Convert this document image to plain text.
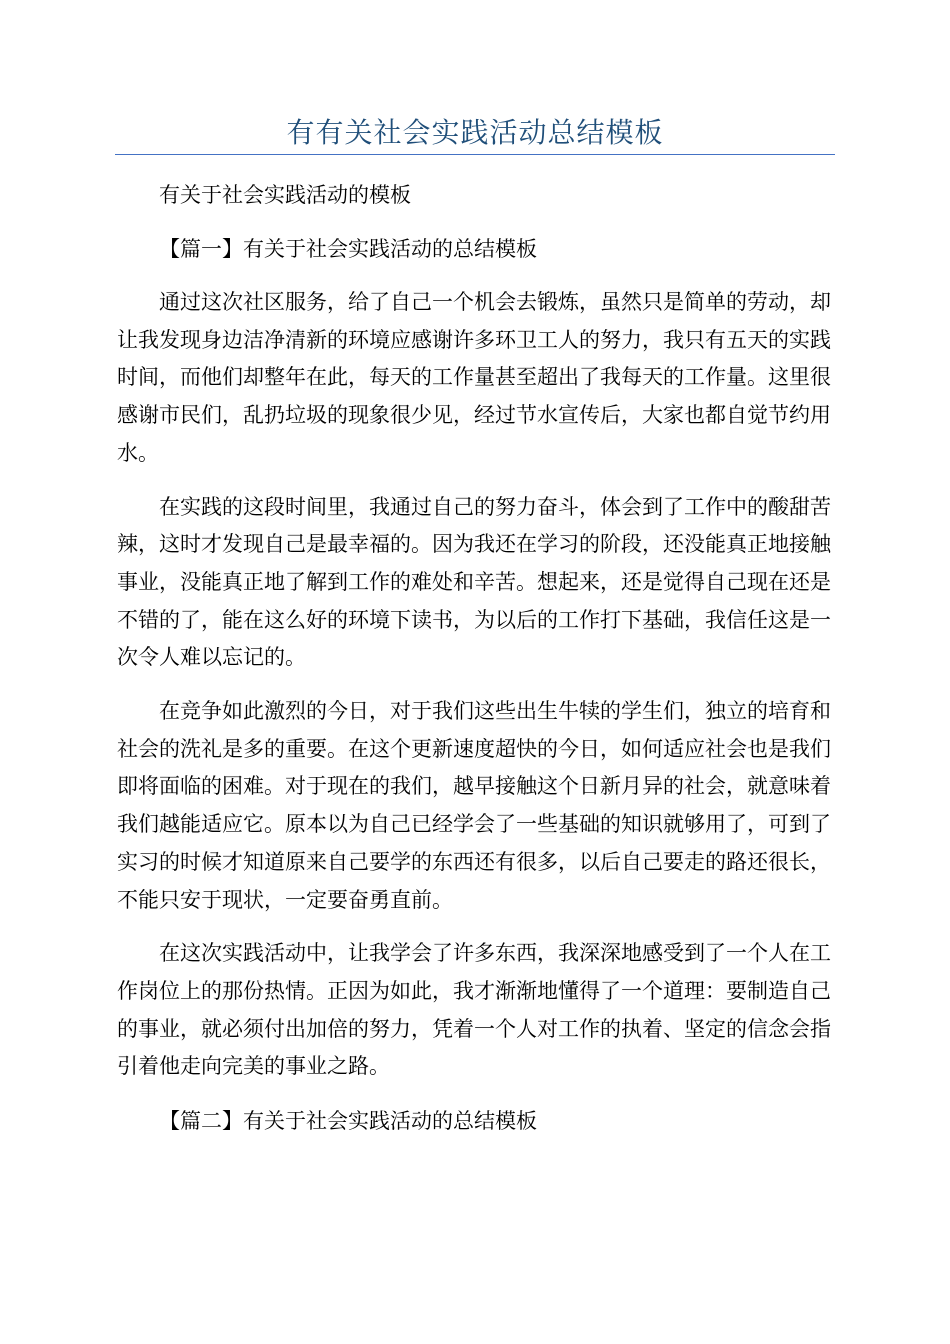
有有关社会实践活动总结模板

有关于社会实践活动的模板

【篇一】有关于社会实践活动的总结模板

通过这次社区服务，给了自己一个机会去锻炼，虽然只是简单的劳动，却让我发现身边洁净清新的环境应感谢许多环卫工人的努力，我只有五天的实践时间，而他们却整年在此，每天的工作量甚至超出了我每天的工作量。这里很感谢市民们，乱扔垃圾的现象很少见，经过节水宣传后，大家也都自觉节约用水。

在实践的这段时间里，我通过自己的努力奋斗，体会到了工作中的酸甜苦辣，这时才发现自己是最幸福的。因为我还在学习的阶段，还没能真正地接触事业，没能真正地了解到工作的难处和辛苦。想起来，还是觉得自己现在还是不错的了，能在这么好的环境下读书，为以后的工作打下基础，我信任这是一次令人难以忘记的。

在竞争如此激烈的今日，对于我们这些出生牛犊的学生们，独立的培育和社会的洗礼是多的重要。在这个更新速度超快的今日，如何适应社会也是我们即将面临的困难。对于现在的我们，越早接触这个日新月异的社会，就意味着我们越能适应它。原本以为自己已经学会了一些基础的知识就够用了，可到了实习的时候才知道原来自己要学的东西还有很多，以后自己要走的路还很长，不能只安于现状，一定要奋勇直前。

在这次实践活动中，让我学会了许多东西，我深深地感受到了一个人在工作岗位上的那份热情。正因为如此，我才渐渐地懂得了一个道理：要制造自己的事业，就必须付出加倍的努力，凭着一个人对工作的执着、坚定的信念会指引着他走向完美的事业之路。

【篇二】有关于社会实践活动的总结模板
